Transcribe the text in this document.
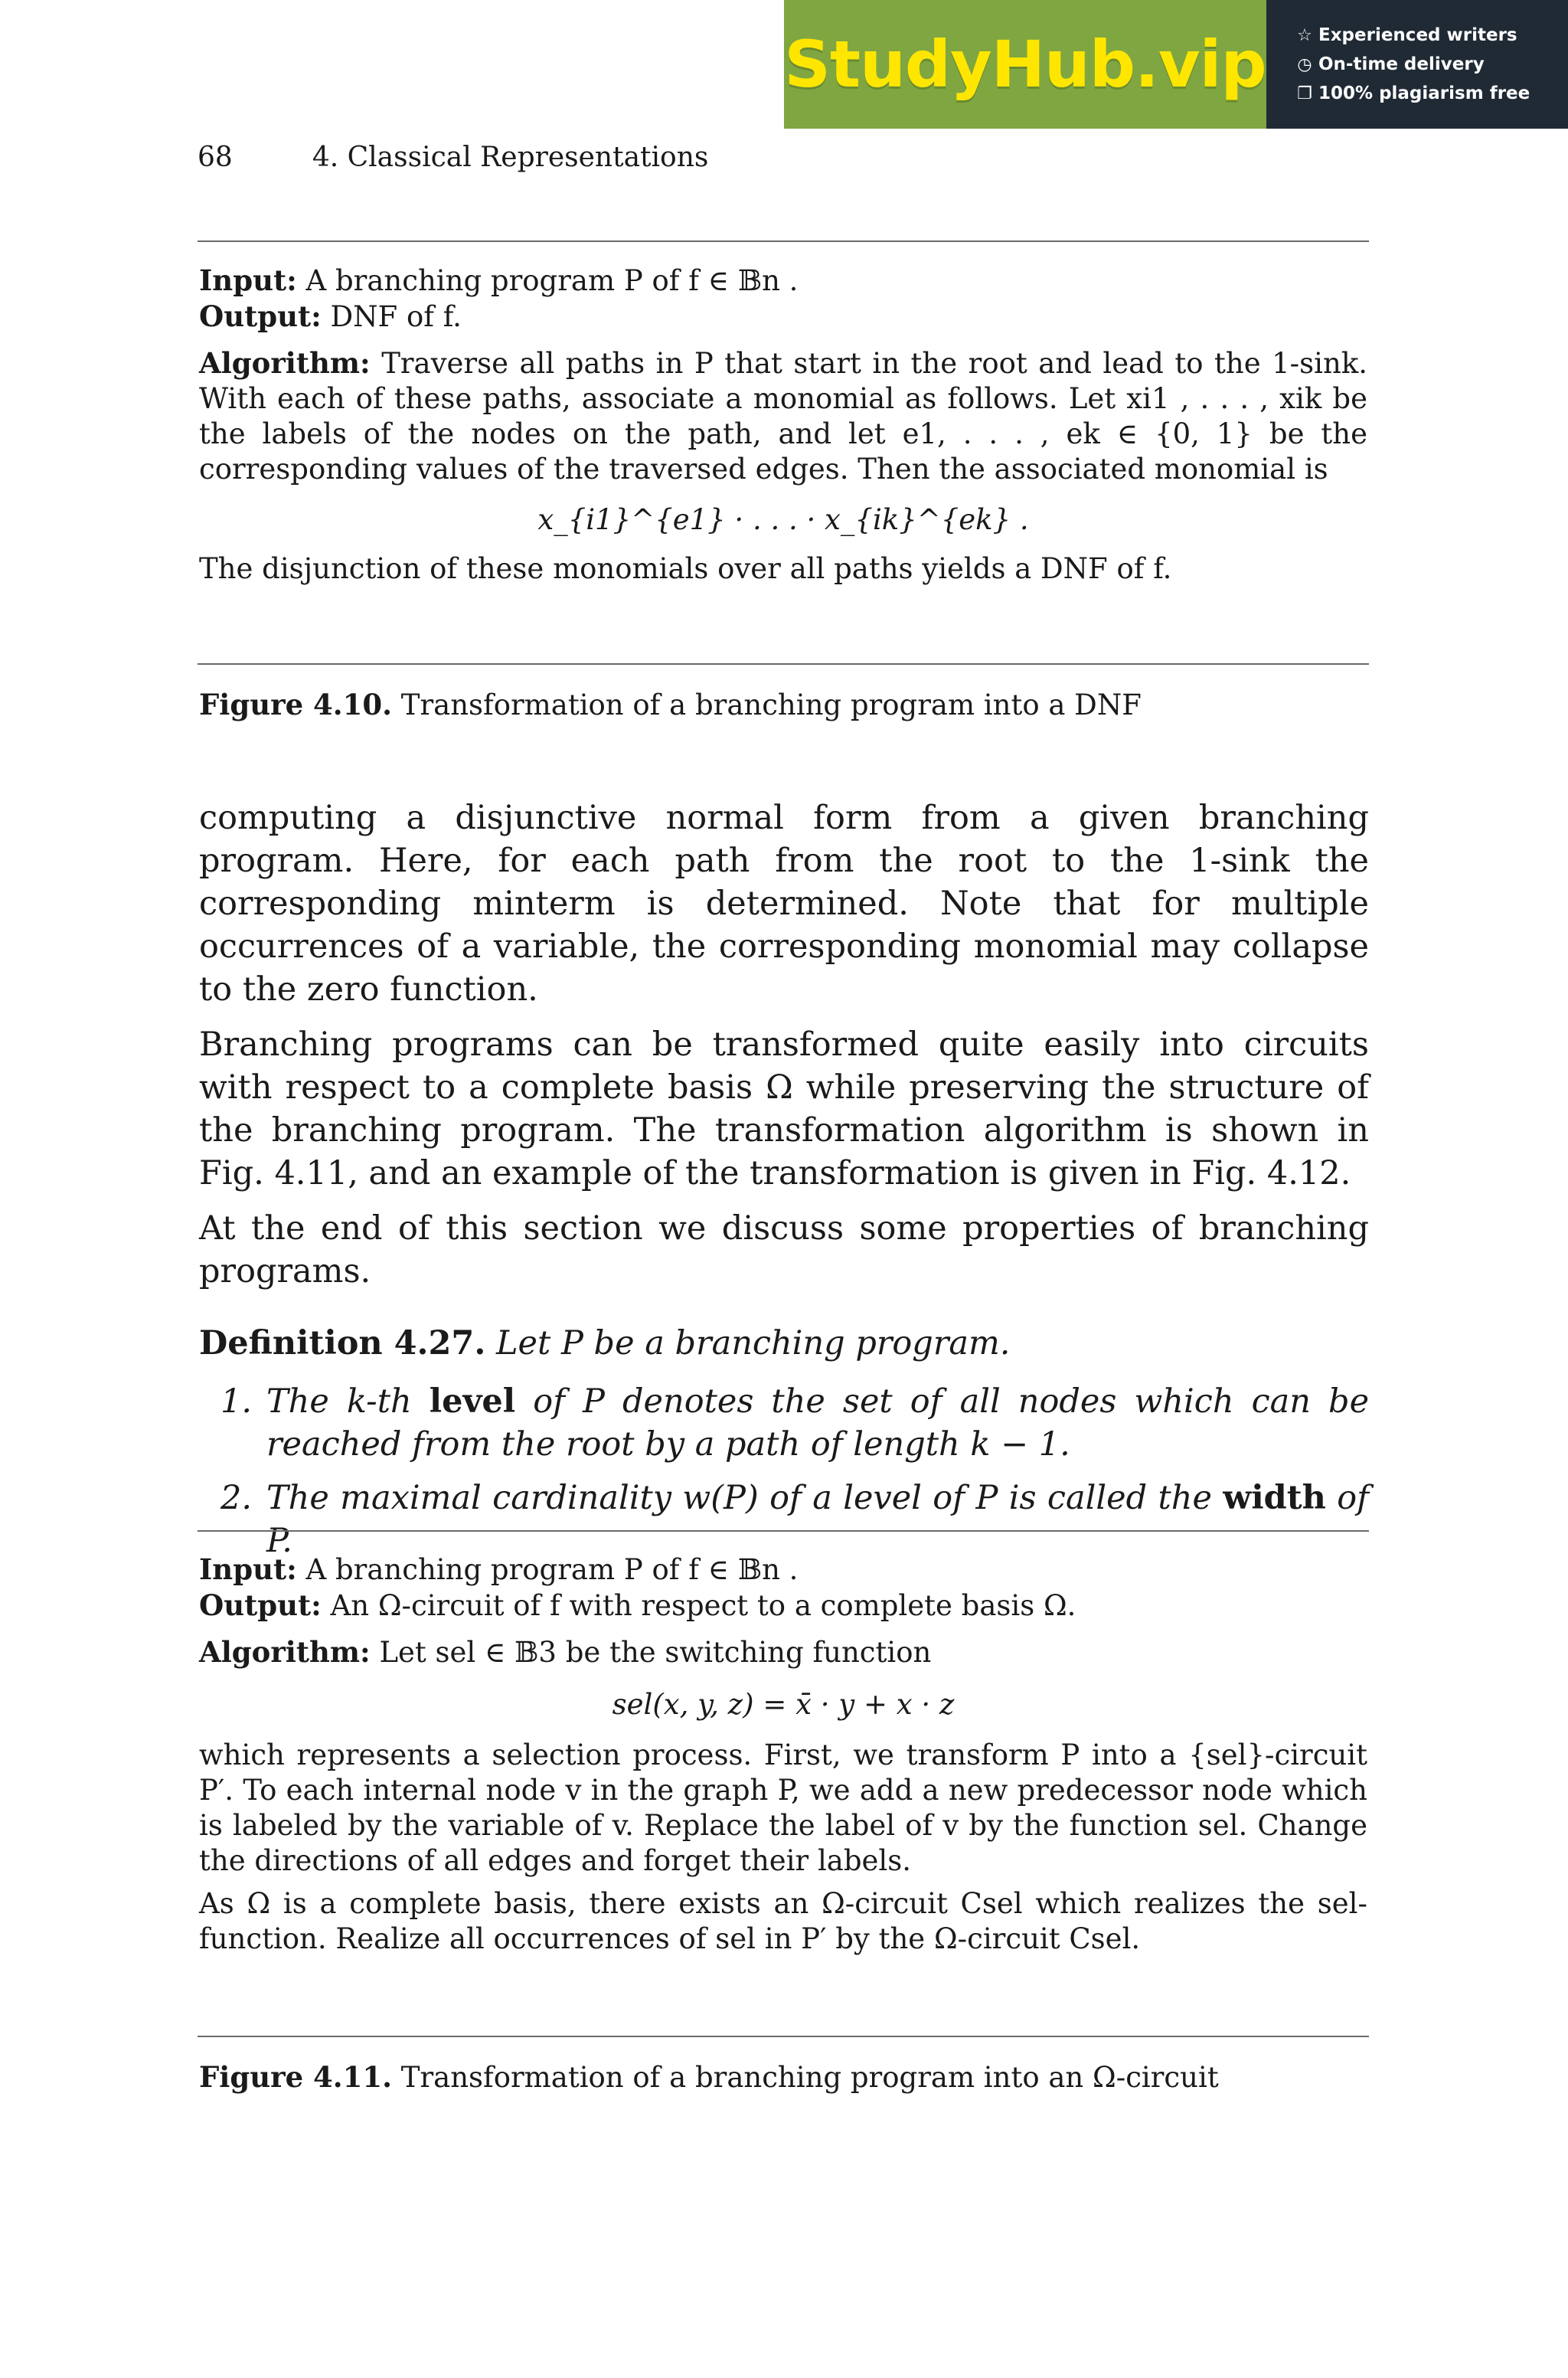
StudyHub.vip ☆ Experienced writers
◷ On-time delivery
❐ 100% plagiarism free
68	4. Classical Representations

Input: A branching program P of f ∈ 𝔹n .

Output: DNF of f.

Algorithm: Traverse all paths in P that start in the root and lead to the 1-sink. With each of these paths, associate a monomial as follows. Let xi1 , . . . , xik be the labels of the nodes on the path, and let e1, . . . , ek ∈ {0, 1} be the corresponding values of the traversed edges. Then the associated monomial is

x_{i1}^{e1} · . . . · x_{ik}^{ek} .

The disjunction of these monomials over all paths yields a DNF of f.

Figure 4.10. Transformation of a branching program into a DNF

computing a disjunctive normal form from a given branching program. Here, for each path from the root to the 1-sink the corresponding minterm is determined. Note that for multiple occurrences of a variable, the corresponding monomial may collapse to the zero function.

Branching programs can be transformed quite easily into circuits with respect to a complete basis Ω while preserving the structure of the branching program. The transformation algorithm is shown in Fig. 4.11, and an example of the transformation is given in Fig. 4.12.

At the end of this section we discuss some properties of branching programs.

Definition 4.27. Let P be a branching program.

1. The k-th level of P denotes the set of all nodes which can be reached from the root by a path of length k − 1.
2. The maximal cardinality w(P) of a level of P is called the width of P.

Input: A branching program P of f ∈ 𝔹n .

Output: An Ω-circuit of f with respect to a complete basis Ω.

Algorithm: Let sel ∈ 𝔹3 be the switching function

sel(x, y, z) = x̄ · y + x · z

which represents a selection process. First, we transform P into a {sel}-circuit P′. To each internal node v in the graph P, we add a new predecessor node which is labeled by the variable of v. Replace the label of v by the function sel. Change the directions of all edges and forget their labels.

As Ω is a complete basis, there exists an Ω-circuit Csel which realizes the sel-function. Realize all occurrences of sel in P′ by the Ω-circuit Csel.

Figure 4.11. Transformation of a branching program into an Ω-circuit
